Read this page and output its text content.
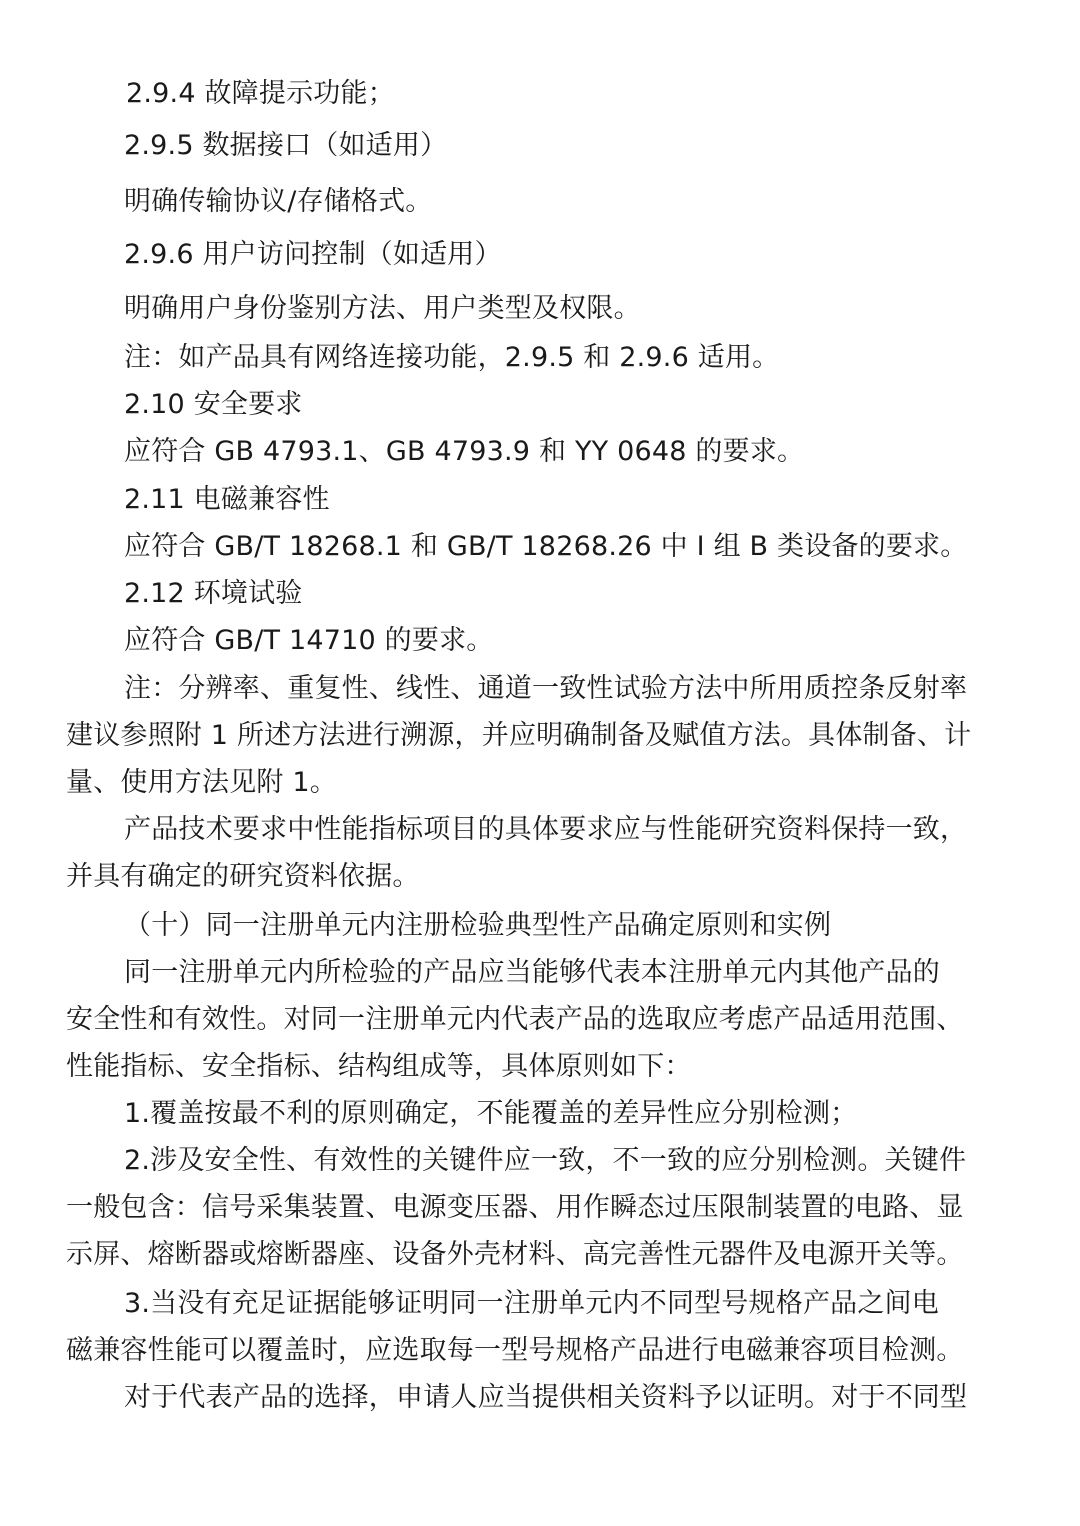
2.9.4 故障提示功能；
2.9.5 数据接口（如适用）
明确传输协议/存储格式。
2.9.6 用户访问控制（如适用）
明确用户身份鉴别方法、用户类型及权限。
注：如产品具有网络连接功能，2.9.5 和 2.9.6 适用。
2.10 安全要求
应符合 GB 4793.1、GB 4793.9 和 YY 0648 的要求。
2.11 电磁兼容性
应符合 GB/T 18268.1 和 GB/T 18268.26 中 I 组 B 类设备的要求。
2.12 环境试验
应符合 GB/T 14710 的要求。
注：分辨率、重复性、线性、通道一致性试验方法中所用质控条反射率
建议参照附 1 所述方法进行溯源，并应明确制备及赋值方法。具体制备、计
量、使用方法见附 1。
产品技术要求中性能指标项目的具体要求应与性能研究资料保持一致，
并具有确定的研究资料依据。
（十）同一注册单元内注册检验典型性产品确定原则和实例
同一注册单元内所检验的产品应当能够代表本注册单元内其他产品的
安全性和有效性。对同一注册单元内代表产品的选取应考虑产品适用范围、
性能指标、安全指标、结构组成等，具体原则如下：
1.覆盖按最不利的原则确定，不能覆盖的差异性应分别检测；
2.涉及安全性、有效性的关键件应一致，不一致的应分别检测。关键件
一般包含：信号采集装置、电源变压器、用作瞬态过压限制装置的电路、显
示屏、熔断器或熔断器座、设备外壳材料、高完善性元器件及电源开关等。
3.当没有充足证据能够证明同一注册单元内不同型号规格产品之间电
磁兼容性能可以覆盖时，应选取每一型号规格产品进行电磁兼容项目检测。
对于代表产品的选择，申请人应当提供相关资料予以证明。对于不同型
